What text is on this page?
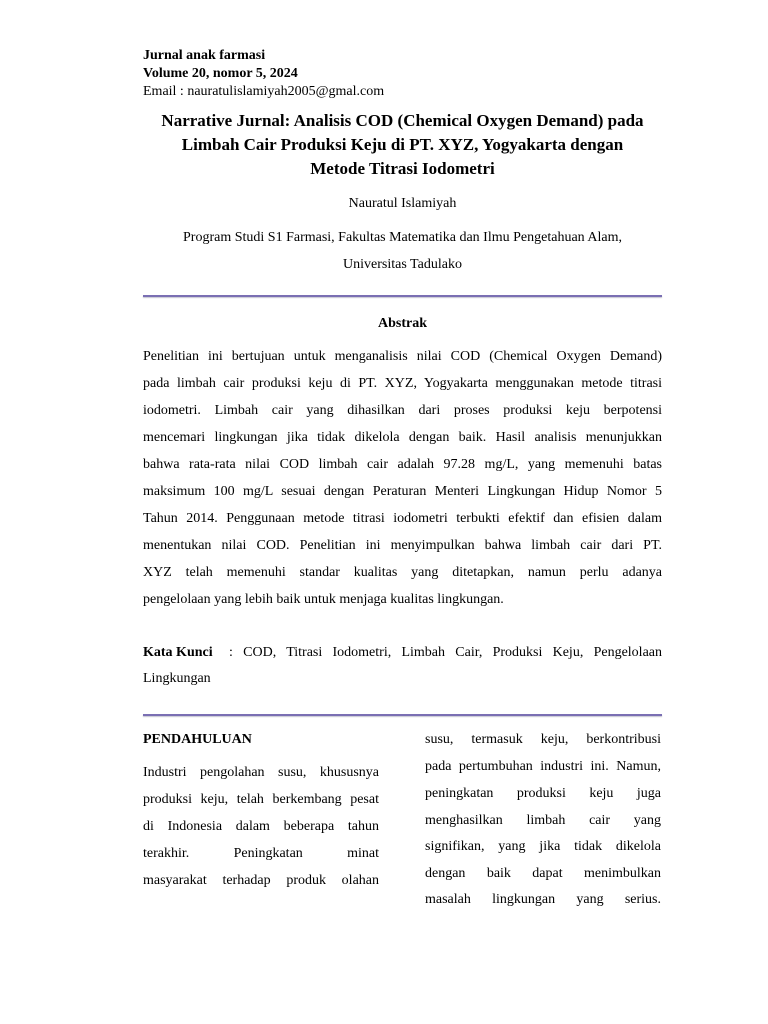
Jurnal anak farmasi
Volume 20, nomor 5, 2024
Email : nauratulislamiyah2005@gmal.com
Narrative Jurnal: Analisis COD (Chemical Oxygen Demand) pada
Limbah Cair Produksi Keju di PT. XYZ, Yogyakarta dengan
Metode Titrasi Iodometri
Nauratul Islamiyah
Program Studi S1 Farmasi, Fakultas Matematika dan Ilmu Pengetahuan Alam,
Universitas Tadulako
Abstrak
Penelitian ini bertujuan untuk menganalisis nilai COD (Chemical Oxygen Demand)
pada limbah cair produksi keju di PT. XYZ, Yogyakarta menggunakan metode titrasi
iodometri. Limbah cair yang dihasilkan dari proses produksi keju berpotensi
mencemari lingkungan jika tidak dikelola dengan baik. Hasil analisis menunjukkan
bahwa rata-rata nilai COD limbah cair adalah 97.28 mg/L, yang memenuhi batas
maksimum 100 mg/L sesuai dengan Peraturan Menteri Lingkungan Hidup Nomor 5
Tahun 2014. Penggunaan metode titrasi iodometri terbukti efektif dan efisien dalam
menentukan nilai COD. Penelitian ini menyimpulkan bahwa limbah cair dari PT.
XYZ telah memenuhi standar kualitas yang ditetapkan, namun perlu adanya
pengelolaan yang lebih baik untuk menjaga kualitas lingkungan.
Kata Kunci : COD, Titrasi Iodometri, Limbah Cair, Produksi Keju, Pengelolaan
Lingkungan
PENDAHULUAN
Industri pengolahan susu, khususnya
produksi keju, telah berkembang pesat
di Indonesia dalam beberapa tahun
terakhir. Peningkatan minat
masyarakat terhadap produk olahan
susu, termasuk keju, berkontribusi
pada pertumbuhan industri ini. Namun,
peningkatan produksi keju juga
menghasilkan limbah cair yang
signifikan, yang jika tidak dikelola
dengan baik dapat menimbulkan
masalah lingkungan yang serius.
